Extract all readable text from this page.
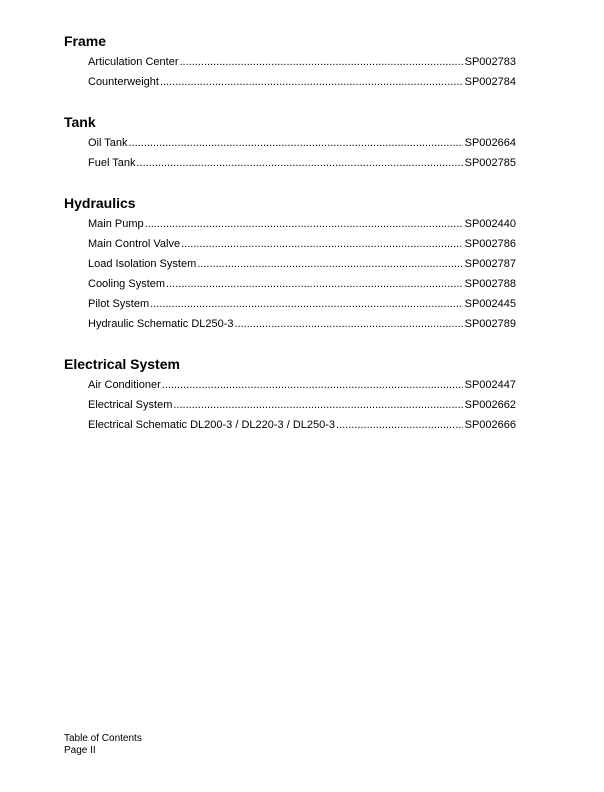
Frame
Articulation Center .....	SP002783
Counterweight .....	SP002784
Tank
Oil Tank .....	SP002664
Fuel Tank .....	SP002785
Hydraulics
Main Pump .....	SP002440
Main Control Valve .....	SP002786
Load Isolation System .....	SP002787
Cooling System .....	SP002788
Pilot System .....	SP002445
Hydraulic Schematic DL250-3 .....	SP002789
Electrical System
Air Conditioner .....	SP002447
Electrical System .....	SP002662
Electrical Schematic DL200-3 / DL220-3 / DL250-3 .....	SP002666
Table of Contents
Page II
